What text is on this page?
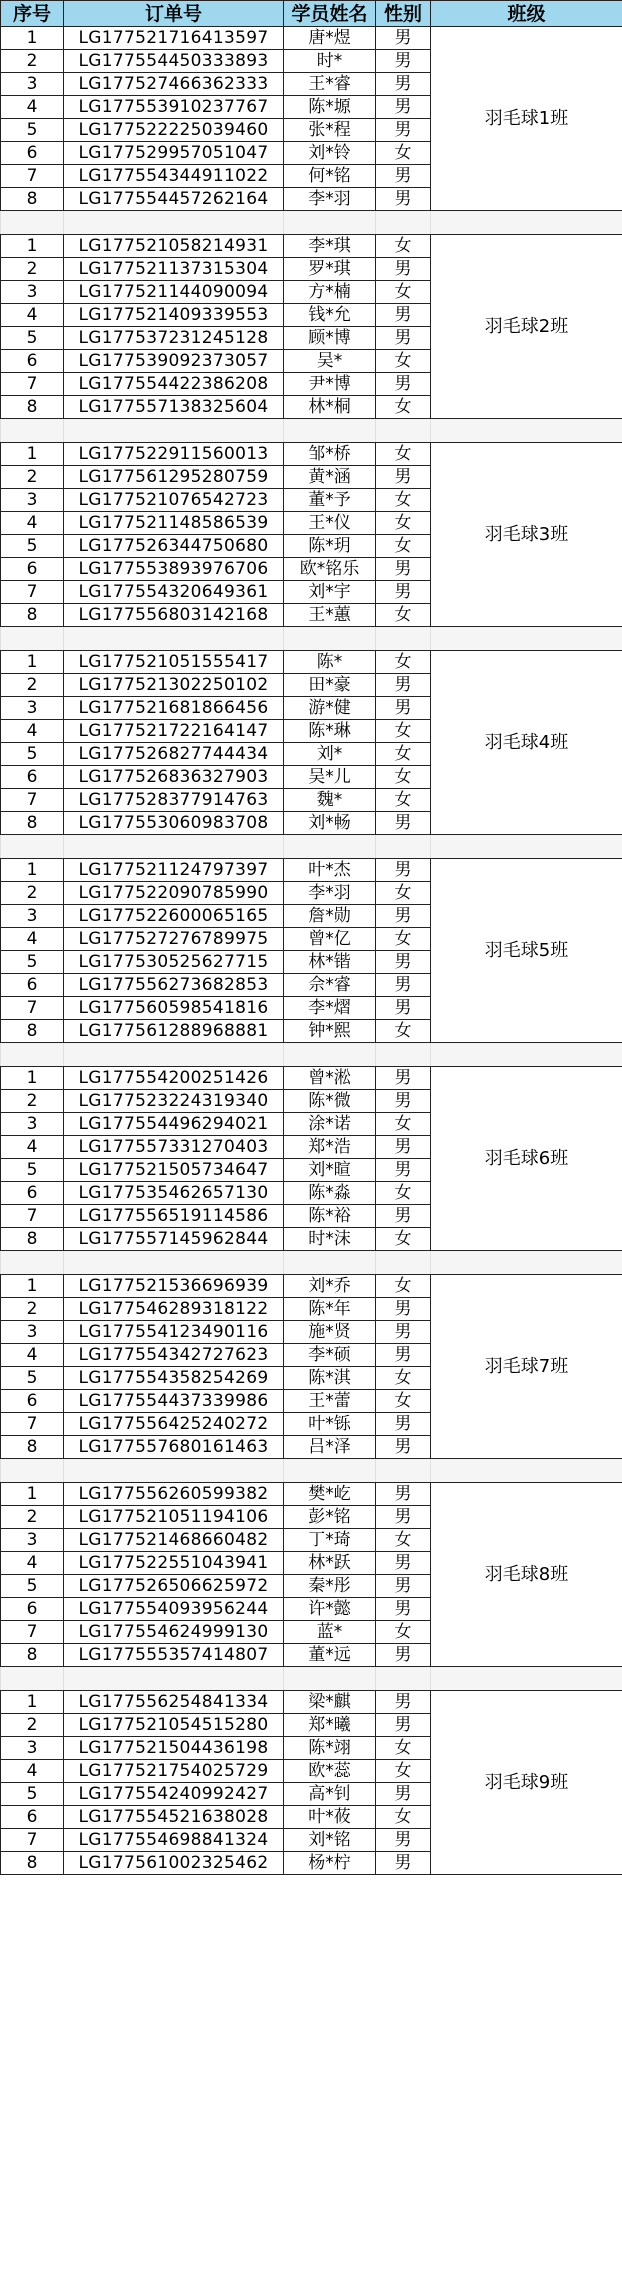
序号	订单号	学员姓名	性别	班级
1	LG177521716413597	唐*煜	男	羽毛球1班
2	LG177554450333893	时*	男	
3	LG177527466362333	王*睿	男	
4	LG177553910237767	陈*塬	男	
5	LG177522225039460	张*程	男	
6	LG177529957051047	刘*铃	女	
7	LG177554344911022	何*铭	男	
8	LG177554457262164	李*羽	男	

1	LG177521058214931	李*琪	女	羽毛球2班
2	LG177521137315304	罗*琪	男	
3	LG177521144090094	方*楠	女	
4	LG177521409339553	钱*允	男	
5	LG177537231245128	顾*博	男	
6	LG177539092373057	吴*	女	
7	LG177554422386208	尹*博	男	
8	LG177557138325604	林*桐	女	

1	LG177522911560013	邹*桥	女	羽毛球3班
2	LG177561295280759	黄*涵	男	
3	LG177521076542723	董*予	女	
4	LG177521148586539	王*仪	女	
5	LG177526344750680	陈*玥	女	
6	LG177553893976706	欧*铭乐	男	
7	LG177554320649361	刘*宇	男	
8	LG177556803142168	王*蕙	女	

1	LG177521051555417	陈*	女	羽毛球4班
2	LG177521302250102	田*豪	男	
3	LG177521681866456	游*健	男	
4	LG177521722164147	陈*琳	女	
5	LG177526827744434	刘*	女	
6	LG177526836327903	吴*儿	女	
7	LG177528377914763	魏*	女	
8	LG177553060983708	刘*畅	男	

1	LG177521124797397	叶*杰	男	羽毛球5班
2	LG177522090785990	李*羽	女	
3	LG177522600065165	詹*勋	男	
4	LG177527276789975	曾*亿	女	
5	LG177530525627715	林*锴	男	
6	LG177556273682853	佘*睿	男	
7	LG177560598541816	李*熠	男	
8	LG177561288968881	钟*熙	女	

1	LG177554200251426	曾*淞	男	羽毛球6班
2	LG177523224319340	陈*微	男	
3	LG177554496294021	涂*诺	女	
4	LG177557331270403	郑*浩	男	
5	LG177521505734647	刘*暄	男	
6	LG177535462657130	陈*淼	女	
7	LG177556519114586	陈*裕	男	
8	LG177557145962844	时*沫	女	

1	LG177521536696939	刘*乔	女	羽毛球7班
2	LG177546289318122	陈*年	男	
3	LG177554123490116	施*贤	男	
4	LG177554342727623	李*硕	男	
5	LG177554358254269	陈*淇	女	
6	LG177554437339986	王*蕾	女	
7	LG177556425240272	叶*铄	男	
8	LG177557680161463	吕*泽	男	

1	LG177556260599382	樊*屹	男	羽毛球8班
2	LG177521051194106	彭*铭	男	
3	LG177521468660482	丁*琦	女	
4	LG177522551043941	林*跃	男	
5	LG177526506625972	秦*彤	男	
6	LG177554093956244	许*懿	男	
7	LG177554624999130	蓝*	女	
8	LG177555357414807	董*远	男	

1	LG177556254841334	梁*麒	男	羽毛球9班
2	LG177521054515280	郑*曦	男	
3	LG177521504436198	陈*翊	女	
4	LG177521754025729	欧*蕊	女	
5	LG177554240992427	高*钊	男	
6	LG177554521638028	叶*莜	女	
7	LG177554698841324	刘*铭	男	
8	LG177561002325462	杨*柠	男	
